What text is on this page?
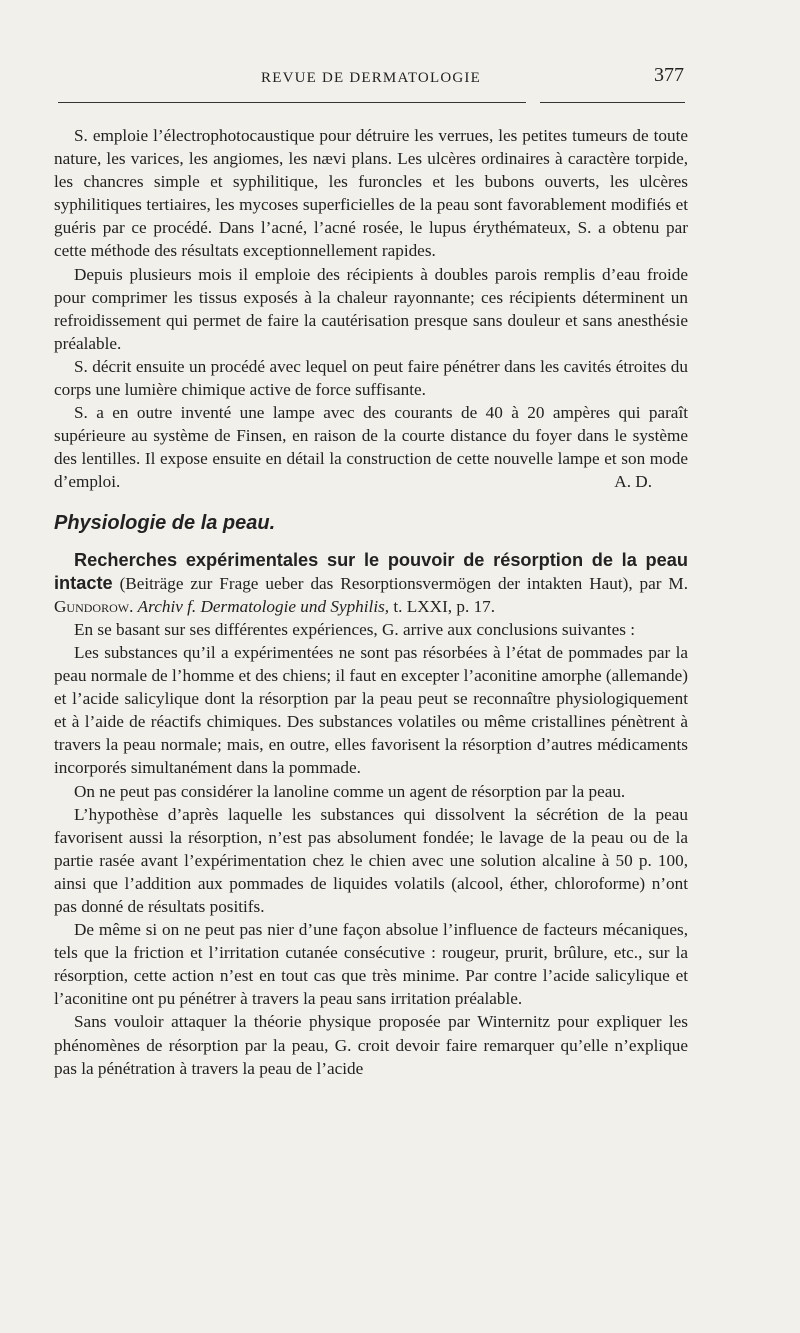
REVUE DE DERMATOLOGIE	377

S. emploie l’électrophotocaustique pour détruire les verrues, les petites tumeurs de toute nature, les varices, les angiomes, les nævi plans. Les ulcères ordinaires à caractère torpide, les chancres simple et syphilitique, les furoncles et les bubons ouverts, les ulcères syphilitiques tertiaires, les mycoses superficielles de la peau sont favorablement modifiés et guéris par ce procédé. Dans l’acné, l’acné rosée, le lupus érythémateux, S. a obtenu par cette méthode des résultats exceptionnellement rapides.

Depuis plusieurs mois il emploie des récipients à doubles parois remplis d’eau froide pour comprimer les tissus exposés à la chaleur rayonnante; ces récipients déterminent un refroidissement qui permet de faire la cautérisation presque sans douleur et sans anesthésie préalable.

S. décrit ensuite un procédé avec lequel on peut faire pénétrer dans les cavités étroites du corps une lumière chimique active de force suffisante.

S. a en outre inventé une lampe avec des courants de 40 à 20 ampères qui paraît supérieure au système de Finsen, en raison de la courte distance du foyer dans le système des lentilles. Il expose ensuite en détail la construction de cette nouvelle lampe et son mode d’emploi.	A. D.

Physiologie de la peau.

Recherches expérimentales sur le pouvoir de résorption de la peau intacte (Beiträge zur Frage ueber das Resorptionsvermögen der intakten Haut), par M. Gundorow. Archiv f. Dermatologie und Syphilis, t. LXXI, p. 17.

En se basant sur ses différentes expériences, G. arrive aux conclusions suivantes :

Les substances qu’il a expérimentées ne sont pas résorbées à l’état de pommades par la peau normale de l’homme et des chiens; il faut en excepter l’aconitine amorphe (allemande) et l’acide salicylique dont la résorption par la peau peut se reconnaître physiologiquement et à l’aide de réactifs chimiques. Des substances volatiles ou même cristallines pénètrent à travers la peau normale; mais, en outre, elles favorisent la résorption d’autres médicaments incorporés simultanément dans la pommade.

On ne peut pas considérer la lanoline comme un agent de résorption par la peau.

L’hypothèse d’après laquelle les substances qui dissolvent la sécrétion de la peau favorisent aussi la résorption, n’est pas absolument fondée; le lavage de la peau ou de la partie rasée avant l’expérimentation chez le chien avec une solution alcaline à 50 p. 100, ainsi que l’addition aux pommades de liquides volatils (alcool, éther, chloroforme) n’ont pas donné de résultats positifs.

De même si on ne peut pas nier d’une façon absolue l’influence de facteurs mécaniques, tels que la friction et l’irritation cutanée consécutive : rougeur, prurit, brûlure, etc., sur la résorption, cette action n’est en tout cas que très minime. Par contre l’acide salicylique et l’aconitine ont pu pénétrer à travers la peau sans irritation préalable.

Sans vouloir attaquer la théorie physique proposée par Winternitz pour expliquer les phénomènes de résorption par la peau, G. croit devoir faire remarquer qu’elle n’explique pas la pénétration à travers la peau de l’acide
